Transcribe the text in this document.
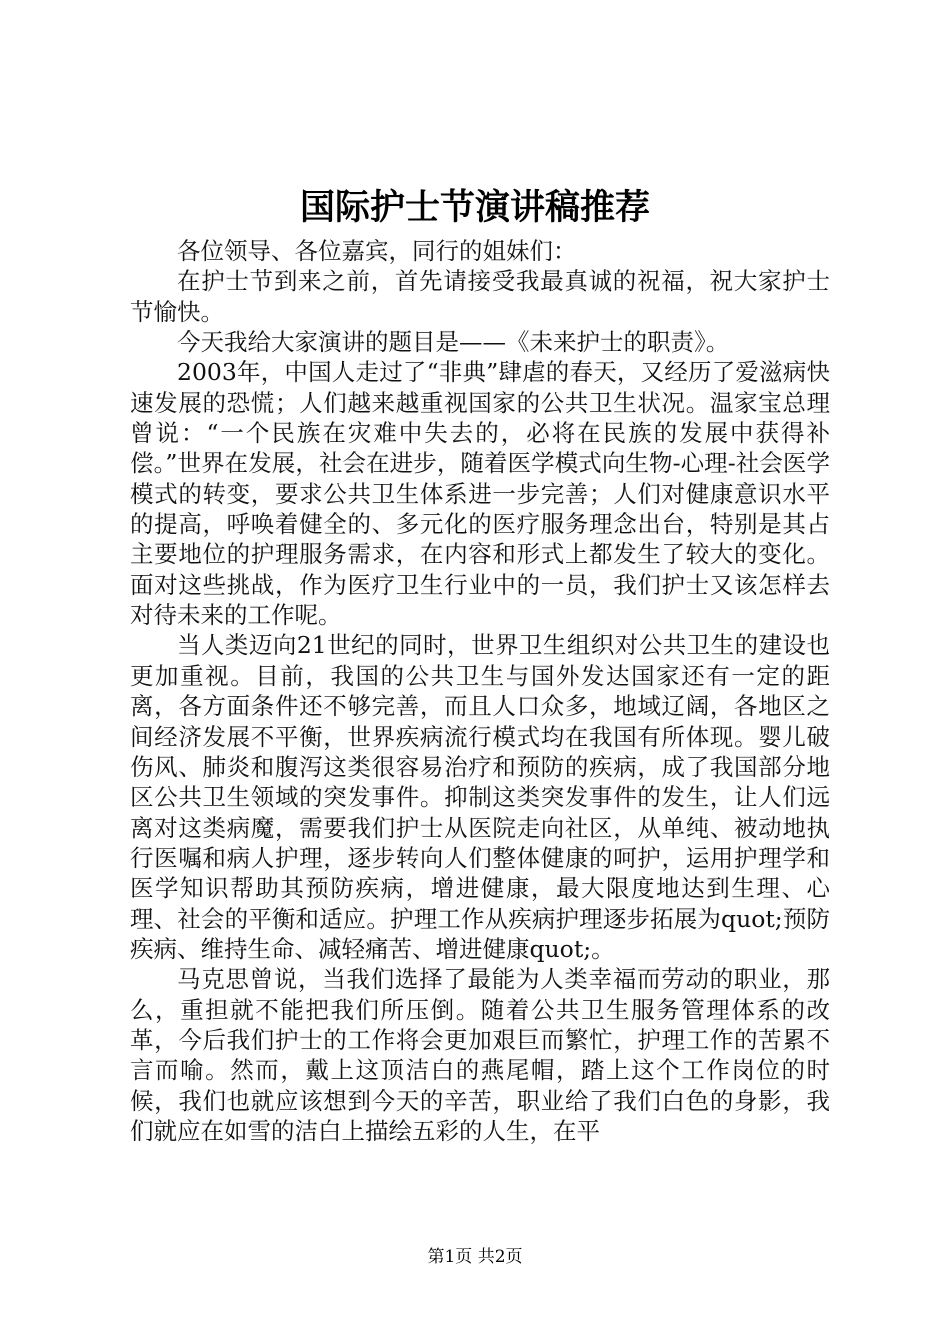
国际护士节演讲稿推荐

各位领导、各位嘉宾，同行的姐妹们：

在护士节到来之前，首先请接受我最真诚的祝福，祝大家护士节愉快。

今天我给大家演讲的题目是——《未来护士的职责》。

2003年，中国人走过了“非典”肆虐的春天，又经历了爱滋病快速发展的恐慌；人们越来越重视国家的公共卫生状况。温家宝总理曾说：“一个民族在灾难中失去的，必将在民族的发展中获得补偿。”世界在发展，社会在进步，随着医学模式向生物-心理-社会医学模式的转变，要求公共卫生体系进一步完善；人们对健康意识水平的提高，呼唤着健全的、多元化的医疗服务理念出台，特别是其占主要地位的护理服务需求，在内容和形式上都发生了较大的变化。面对这些挑战，作为医疗卫生行业中的一员，我们护士又该怎样去对待未来的工作呢。

当人类迈向21世纪的同时，世界卫生组织对公共卫生的建设也更加重视。目前，我国的公共卫生与国外发达国家还有一定的距离，各方面条件还不够完善，而且人口众多，地域辽阔，各地区之间经济发展不平衡，世界疾病流行模式均在我国有所体现。婴儿破伤风、肺炎和腹泻这类很容易治疗和预防的疾病，成了我国部分地区公共卫生领域的突发事件。抑制这类突发事件的发生，让人们远离对这类病魔，需要我们护士从医院走向社区，从单纯、被动地执行医嘱和病人护理，逐步转向人们整体健康的呵护，运用护理学和医学知识帮助其预防疾病，增进健康，最大限度地达到生理、心理、社会的平衡和适应。护理工作从疾病护理逐步拓展为quot;预防疾病、维持生命、减轻痛苦、增进健康quot;。

马克思曾说，当我们选择了最能为人类幸福而劳动的职业，那么，重担就不能把我们所压倒。随着公共卫生服务管理体系的改革，今后我们护士的工作将会更加艰巨而繁忙，护理工作的苦累不言而喻。然而，戴上这顶洁白的燕尾帽，踏上这个工作岗位的时候，我们也就应该想到今天的辛苦，职业给了我们白色的身影，我们就应在如雪的洁白上描绘五彩的人生，在平

第1页 共2页
